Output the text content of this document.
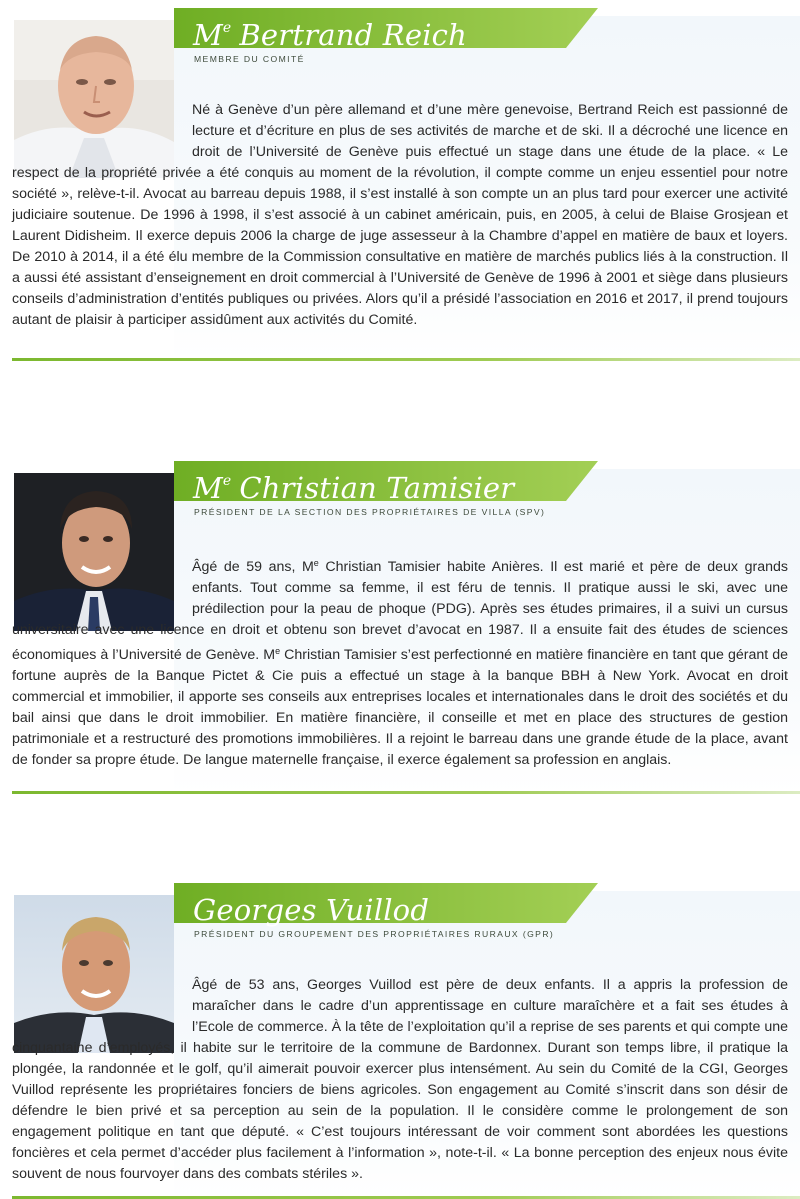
$^{Me}$ Bertrand Reich
MEMBRE DU COMITÉ

Né à Genève d’un père allemand et d’une mère genevoise, Bertrand Reich est passionné de lecture et d’écriture en plus de ses activités de marche et de ski. Il a décroché une licence en droit de l’Université de Genève puis effectué un stage dans une étude de la place. « Le respect de la propriété privée a été conquis au moment de la révolution, il compte comme un enjeu essentiel pour notre société », relève-t-il. Avocat au barreau depuis 1988, il s’est installé à son compte un an plus tard pour exercer une activité judiciaire soutenue. De 1996 à 1998, il s’est associé à un cabinet américain, puis, en 2005, à celui de Blaise Grosjean et Laurent Didisheim. Il exerce depuis 2006 la charge de juge assesseur à la Chambre d’appel en matière de baux et loyers. De 2010 à 2014, il a été élu membre de la Commission consultative en matière de marchés publics liés à la construction. Il a aussi été assistant d’enseignement en droit commercial à l’Université de Genève de 1996 à 2001 et siège dans plusieurs conseils d’administration d’entités publiques ou privées. Alors qu’il a présidé l’association en 2016 et 2017, il prend toujours autant de plaisir à participer assidûment aux activités du Comité.

$^{Me}$ Christian Tamisier
PRÉSIDENT DE LA SECTION DES PROPRIÉTAIRES DE VILLA (SPV)

Âgé de 59 ans, Me Christian Tamisier habite Anières. Il est marié et père de deux grands enfants. Tout comme sa femme, il est féru de tennis. Il pratique aussi le ski, avec une prédilection pour la peau de phoque (PDG). Après ses études primaires, il a suivi un cursus universitaire avec une licence en droit et obtenu son brevet d’avocat en 1987. Il a ensuite fait des études de sciences économiques à l’Université de Genève. Me Christian Tamisier s’est perfectionné en matière financière en tant que gérant de fortune auprès de la Banque Pictet & Cie puis a effectué un stage à la banque BBH à New York. Avocat en droit commercial et immobilier, il apporte ses conseils aux entreprises locales et internationales dans le droit des sociétés et du bail ainsi que dans le droit immobilier. En matière financière, il conseille et met en place des structures de gestion patrimoniale et a restructuré des promotions immobilières. Il a rejoint le barreau dans une grande étude de la place, avant de fonder sa propre étude. De langue maternelle française, il exerce également sa profession en anglais.

Georges Vuillod
PRÉSIDENT DU GROUPEMENT DES PROPRIÉTAIRES RURAUX (GPR)

Âgé de 53 ans, Georges Vuillod est père de deux enfants. Il a appris la profession de maraîcher dans le cadre d’un apprentissage en culture maraîchère et a fait ses études à l’Ecole de commerce. À la tête de l’exploitation qu’il a reprise de ses parents et qui compte une cinquantaine d’employés, il habite sur le territoire de la commune de Bardonnex. Durant son temps libre, il pratique la plongée, la randonnée et le golf, qu’il aimerait pouvoir exercer plus intensément. Au sein du Comité de la CGI, Georges Vuillod représente les propriétaires fonciers de biens agricoles. Son engagement au Comité s’inscrit dans son désir de défendre le bien privé et sa perception au sein de la population. Il le considère comme le prolongement de son engagement politique en tant que député. « C’est toujours intéressant de voir comment sont abordées les questions foncières et cela permet d’accéder plus facilement à l’information », note-t-il. « La bonne perception des enjeux nous évite souvent de nous fourvoyer dans des combats stériles ».
